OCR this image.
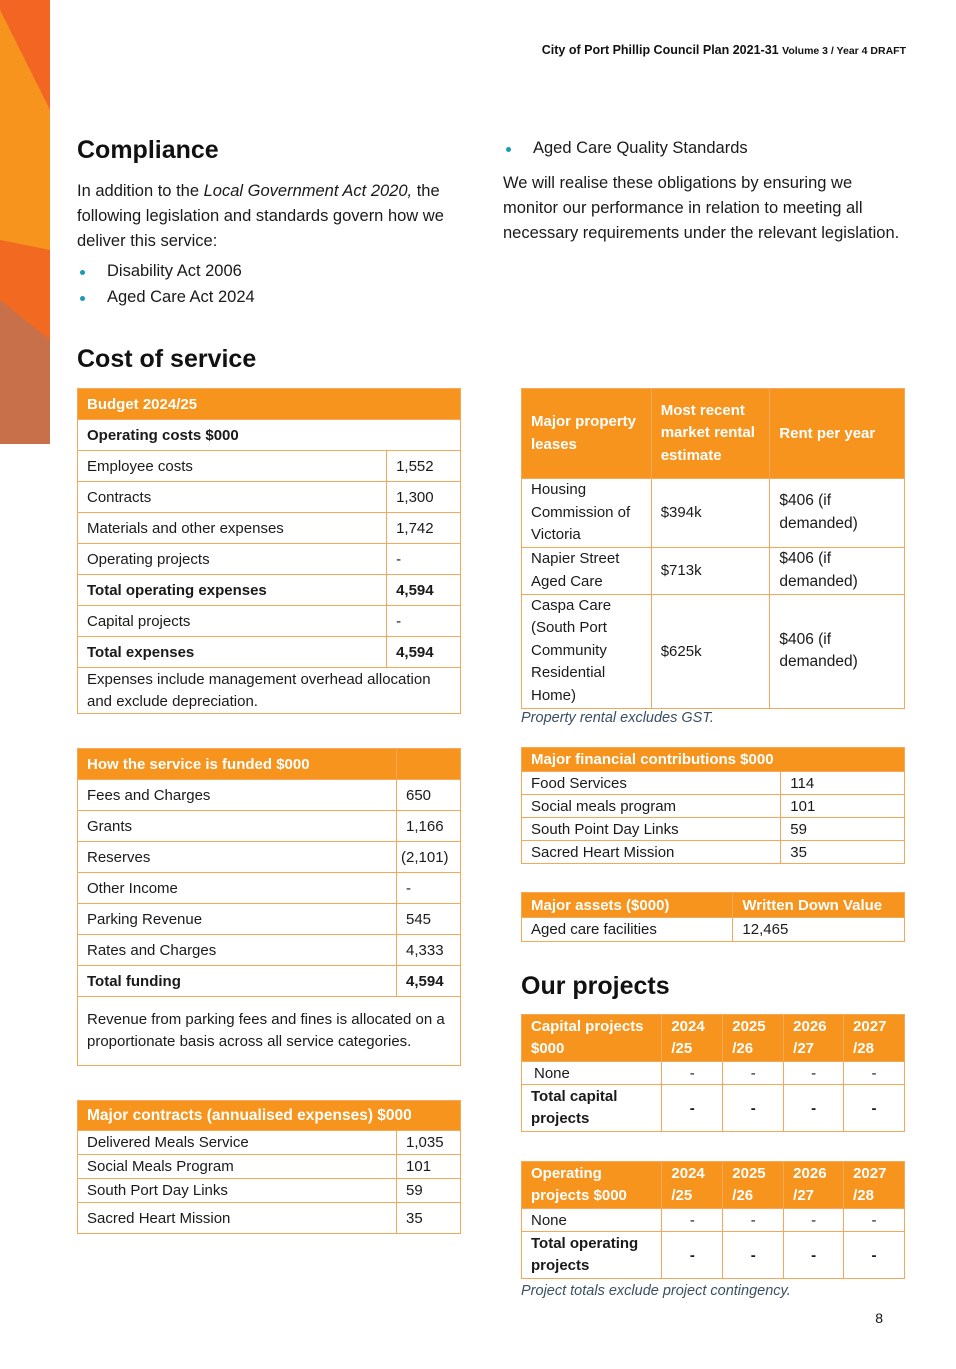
City of Port Phillip Council Plan 2021-31 Volume 3 / Year 4 DRAFT
Compliance
In addition to the Local Government Act 2020, the following legislation and standards govern how we deliver this service:
Disability Act 2006
Aged Care Act 2024
Aged Care Quality Standards
We will realise these obligations by ensuring we monitor our performance in relation to meeting all necessary requirements under the relevant legislation.
Cost of service
Budget 2024/25	
Operating costs $000	
Employee costs	1,552
Contracts	1,300
Materials and other expenses	1,742
Operating projects	-
Total operating expenses	4,594
Capital projects	-
Total expenses	4,594
Expenses include management overhead allocation and exclude depreciation.	
How the service is funded $000	
Fees and Charges	650
Grants	1,166
Reserves	(2,101)
Other Income	-
Parking Revenue	545
Rates and Charges	4,333
Total funding	4,594
Revenue from parking fees and fines is allocated on a proportionate basis across all service categories.	
Major contracts (annualised expenses) $000	
Delivered Meals Service	1,035
Social Meals Program	101
South Port Day Links	59
Sacred Heart Mission	35
Major property leases	Most recent market rental estimate	Rent per year
Housing Commission of Victoria	$394k	$406 (if demanded)
Napier Street Aged Care	$713k	$406 (if demanded)
Caspa Care (South Port Community Residential Home)	$625k	$406 (if demanded)
Property rental excludes GST.
Major financial contributions $000	
Food Services	114
Social meals program	101
South Point Day Links	59
Sacred Heart Mission	35
Major assets ($000)	Written Down Value
Aged care facilities	12,465
Our projects
Capital projects $000	2024 /25	2025 /26	2026 /27	2027 /28
None	-	-	-	-
Total capital projects	-	-	-	-
Operating projects $000	2024 /25	2025 /26	2026 /27	2027 /28
None	-	-	-	-
Total operating projects	-	-	-	-
Project totals exclude project contingency.
8
